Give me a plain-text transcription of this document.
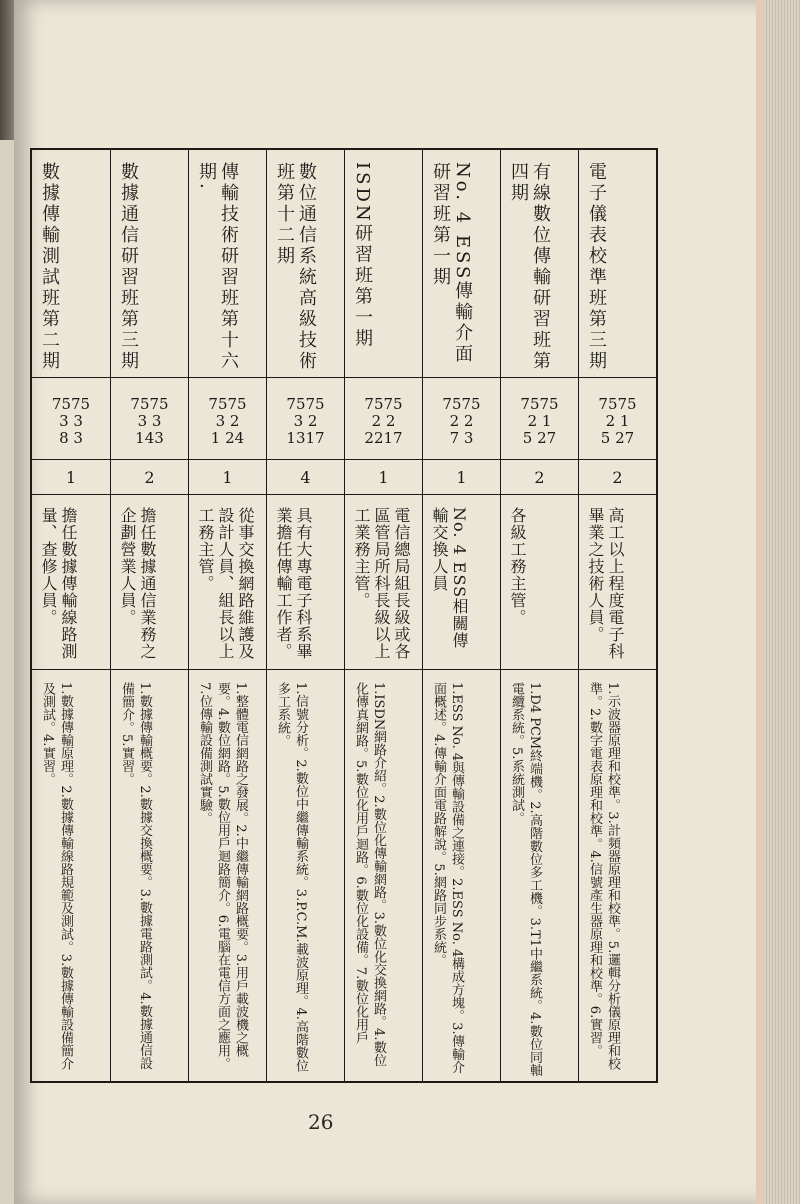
電子儀表校準班第三期
7575
2 1
5 27
2
高工以上程度電子科畢業之技術人員。
1.示波器原理和校準。3.計頻器原理和校準。5.邏輯分析儀原理和校準。2.數字電表原理和校準。4.信號產生器原理和校準。6.實習。
有線數位傳輸研習班第四期
7575
2 1
5 27
2
各級工務主管。
1.D4 PCM終端機。2.高階數位多工機。3.T1中繼系統。4.數位同軸電纜系統。5.系統測試。
No. 4 ESS傳輸介面研習班第一期
7575
2 2
7 3
1
No. 4 ESS相關傳輸交換人員
1.ESS No. 4與傳輸設備之連接。2.ESS No. 4構成方塊。3.傳輸介面概述。4.傳輸介面電路解說。5.網路同步系統。
ISDN研習班第一期
7575
2 2
2217
1
電信總局組長級或各區管局所科長級以上工業務主管。
1.ISDN網路介紹。2.數位化傳輸網路。3.數位化交換網路。4.數位化傳真網路。5.數位化用戶迴路。6.數位化設備。7.數位化用戶
數位通信系統高級技術班第十二期
7575
3 2
1317
4
具有大專電子科系畢業擔任傳輸工作者。
1.信號分析。2.數位中繼傳輸系統。3.P.C.M.載波原理。4.高階數位多工系統。
傳輸技術研習班第十六期.
7575
3 2
1 24
1
從事交換網路維護及設計人員、組長以上工務主管。
1.整體電信網路之發展。2.中繼傳輸網路概要。3.用戶載波機之概要。4.數位網路。5.數位用戶迴路簡介。6.電腦在電信方面之應用。7.位傳輸設備測試實驗。
數據通信研習班第三期
7575
3 3
143
2
擔任數據通信業務之企劃營業人員。
1.數據傳輸概要。2.數據交換概要。3.數據電路測試。4.數據通信設備簡介。5.實習。
數據傳輸測試班第二期
7575
3 3
8 3
1
擔任數據傳輸線路測量、查修人員。
1.數據傳輸原理。2.數據傳輸線路規範及測試。3.數據傳輸設備簡介及測試。4.實習。
26
